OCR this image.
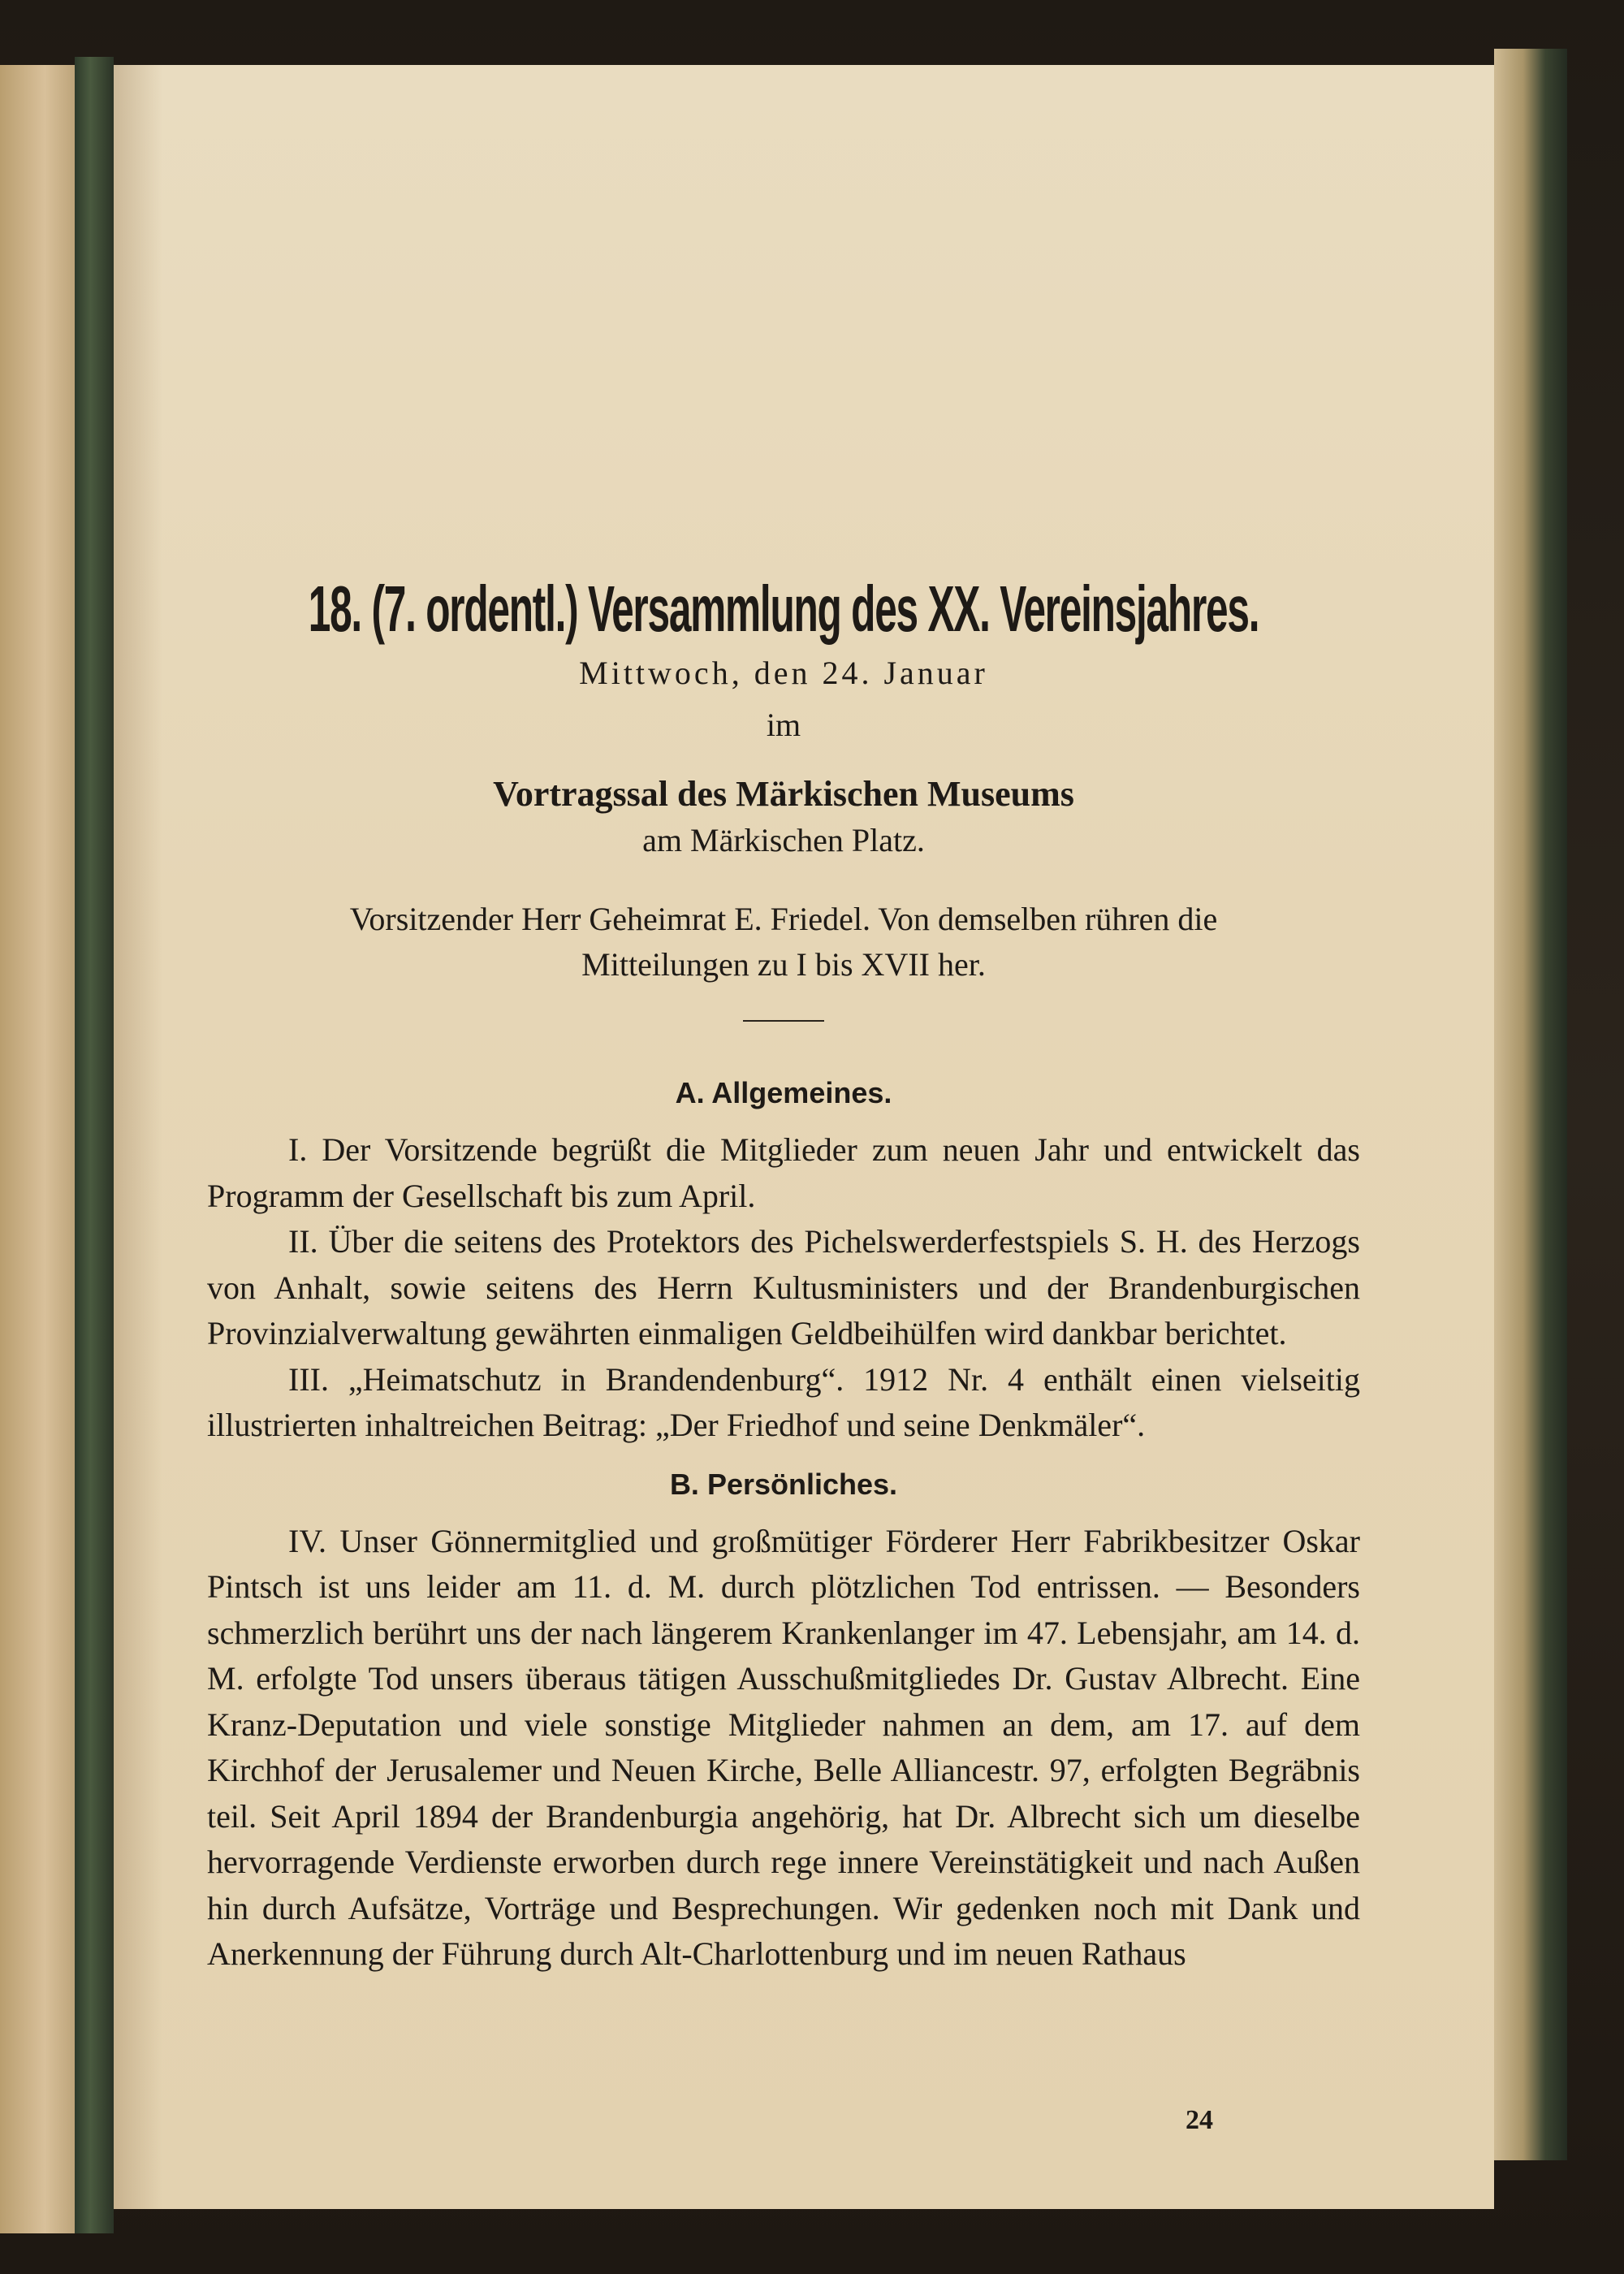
18. (7. ordentl.) Versammlung des XX. Vereinsjahres.
Mittwoch, den 24. Januar
im
Vortragssal des Märkischen Museums
am Märkischen Platz.
Vorsitzender Herr Geheimrat E. Friedel. Von demselben rühren die
Mitteilungen zu I bis XVII her.
A. Allgemeines.

I. Der Vorsitzende begrüßt die Mitglieder zum neuen Jahr und entwickelt das Programm der Gesellschaft bis zum April.

II. Über die seitens des Protektors des Pichelswerderfestspiels S. H. des Herzogs von Anhalt, sowie seitens des Herrn Kultusministers und der Brandenburgischen Provinzialverwaltung gewährten einmaligen Geldbeihülfen wird dankbar berichtet.

III. „Heimatschutz in Brandendenburg“. 1912 Nr. 4 enthält einen vielseitig illustrierten inhaltreichen Beitrag: „Der Friedhof und seine Denkmäler“.

B. Persönliches.

IV. Unser Gönnermitglied und großmütiger Förderer Herr Fabrikbesitzer Oskar Pintsch ist uns leider am 11. d. M. durch plötzlichen Tod entrissen. — Besonders schmerzlich berührt uns der nach längerem Krankenlanger im 47. Lebensjahr, am 14. d. M. erfolgte Tod unsers überaus tätigen Ausschußmitgliedes Dr. Gustav Albrecht. Eine Kranz-Deputation und viele sonstige Mitglieder nahmen an dem, am 17. auf dem Kirchhof der Jerusalemer und Neuen Kirche, Belle Alliancestr. 97, erfolgten Begräbnis teil. Seit April 1894 der Brandenburgia angehörig, hat Dr. Albrecht sich um dieselbe hervorragende Verdienste erworben durch rege innere Vereinstätigkeit und nach Außen hin durch Aufsätze, Vorträge und Besprechungen. Wir gedenken noch mit Dank und Anerkennung der Führung durch Alt-Charlottenburg und im neuen Rathaus

24
